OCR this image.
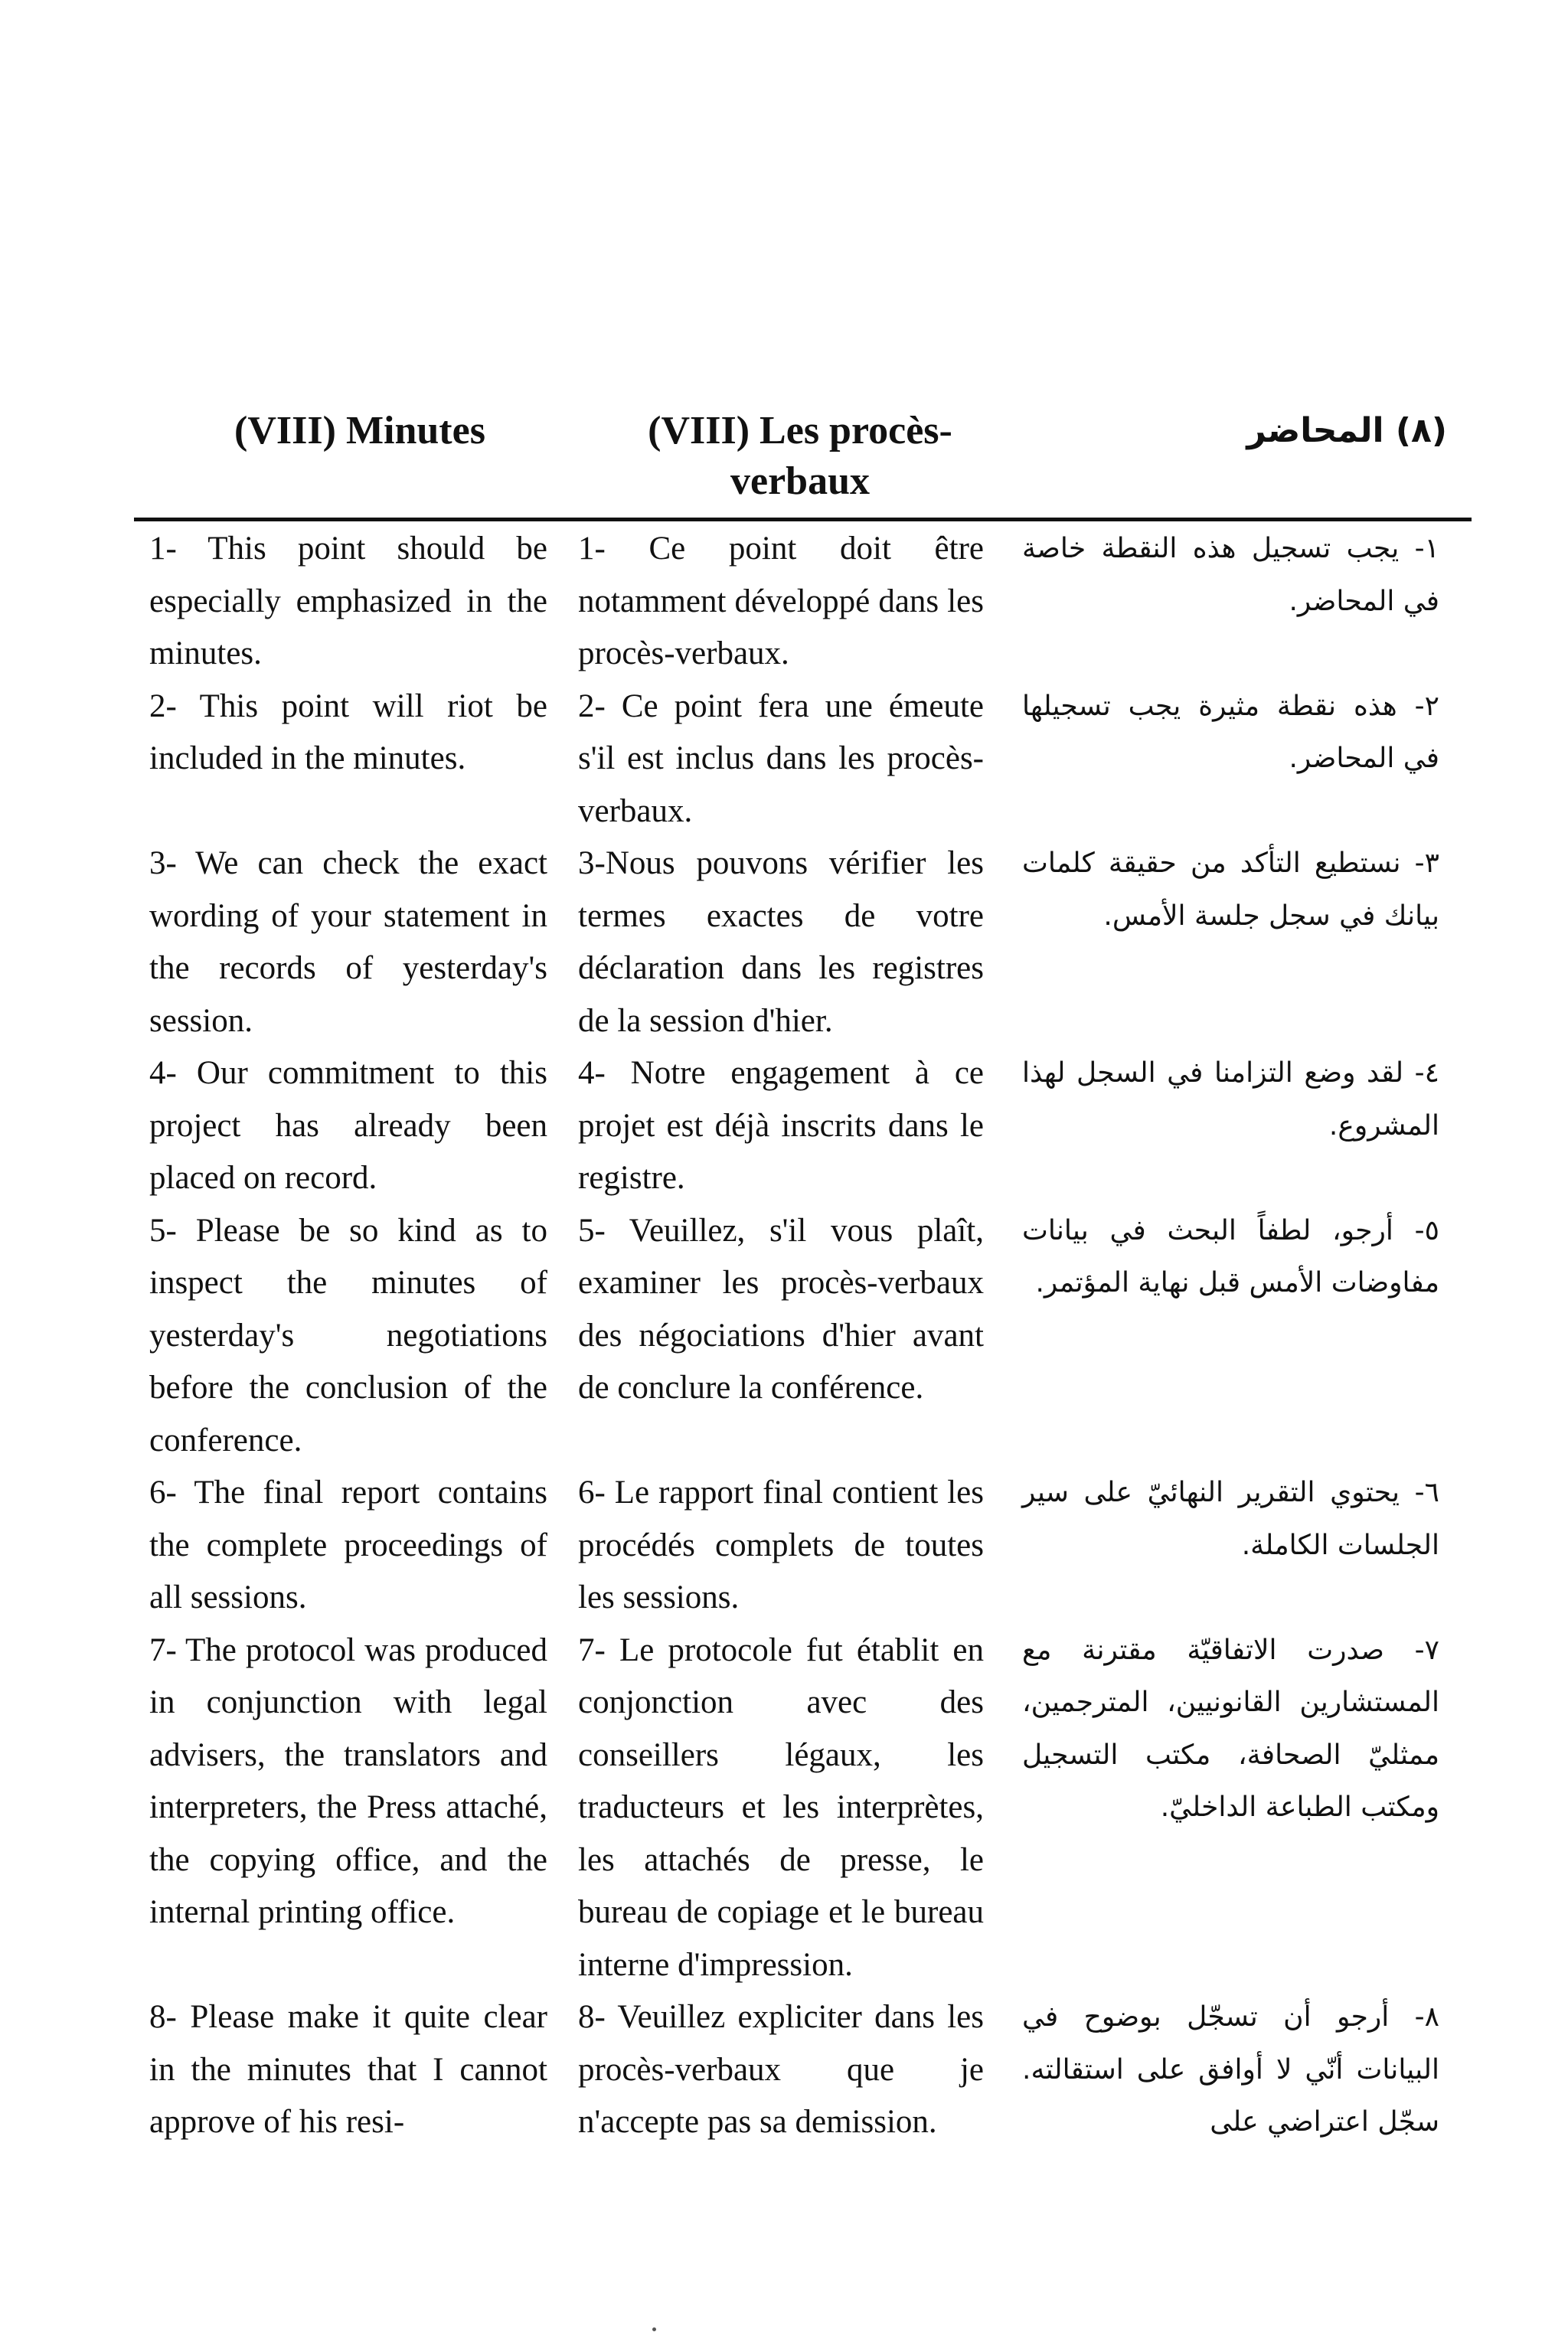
(VIII) Minutes	(VIII) Les procès-verbaux
(٨) المحاضر
1- This point should be especially emphasized in the minutes.
1- Ce point doit être notamment développé dans les procès-verbaux.
١- يجب تسجيل هذه النقطة خاصة في المحاضر.
2- This point will riot be included in the minutes.
2- Ce point fera une émeute s'il est inclus dans les procès-verbaux.
٢- هذه نقطة مثيرة يجب تسجيلها في المحاضر.
3- We can check the exact wording of your statement in the records of yesterday's session.
3-Nous pouvons vérifier les termes exactes de votre déclaration dans les registres de la session d'hier.
٣- نستطيع التأكد من حقيقة كلمات بيانك في سجل جلسة الأمس.
4- Our commitment to this project has already been placed on record.
4- Notre engagement à ce projet est déjà inscrits dans le registre.
٤- لقد وضع التزامنا في السجل لهذا المشروع.
5- Please be so kind as to inspect the minutes of yesterday's negotiations before the conclusion of the conference.
5- Veuillez, s'il vous plaît, examiner les procès-verbaux des négociations d'hier avant de conclure la conférence.
٥- أرجو، لطفاً البحث في بيانات مفاوضات الأمس قبل نهاية المؤتمر.
6- The final report contains the complete proceedings of all sessions.
6- Le rapport final contient les procédés complets de toutes les sessions.
٦- يحتوي التقرير النهائيّ على سير الجلسات الكاملة.
7- The protocol was produced in conjunction with legal advisers, the translators and interpreters, the Press attaché, the copying office, and the internal printing office.
7- Le protocole fut établit en conjonction avec des conseillers légaux, les traducteurs et les interprètes, les attachés de presse, le bureau de copiage et le bureau interne d'impression.
٧- صدرت الاتفاقيّة مقترنة مع المستشارين القانونيين، المترجمين، ممثليّ الصحافة، مكتب التسجيل ومكتب الطباعة الداخليّ.
8- Please make it quite clear in the minutes that I cannot approve of his resi-
8- Veuillez expliciter dans les procès-verbaux que je n'accepte pas sa demission.
٨- أرجو أن تسجّل بوضوح في البيانات أنّي لا أوافق على استقالته. سجّل اعتراضي على
